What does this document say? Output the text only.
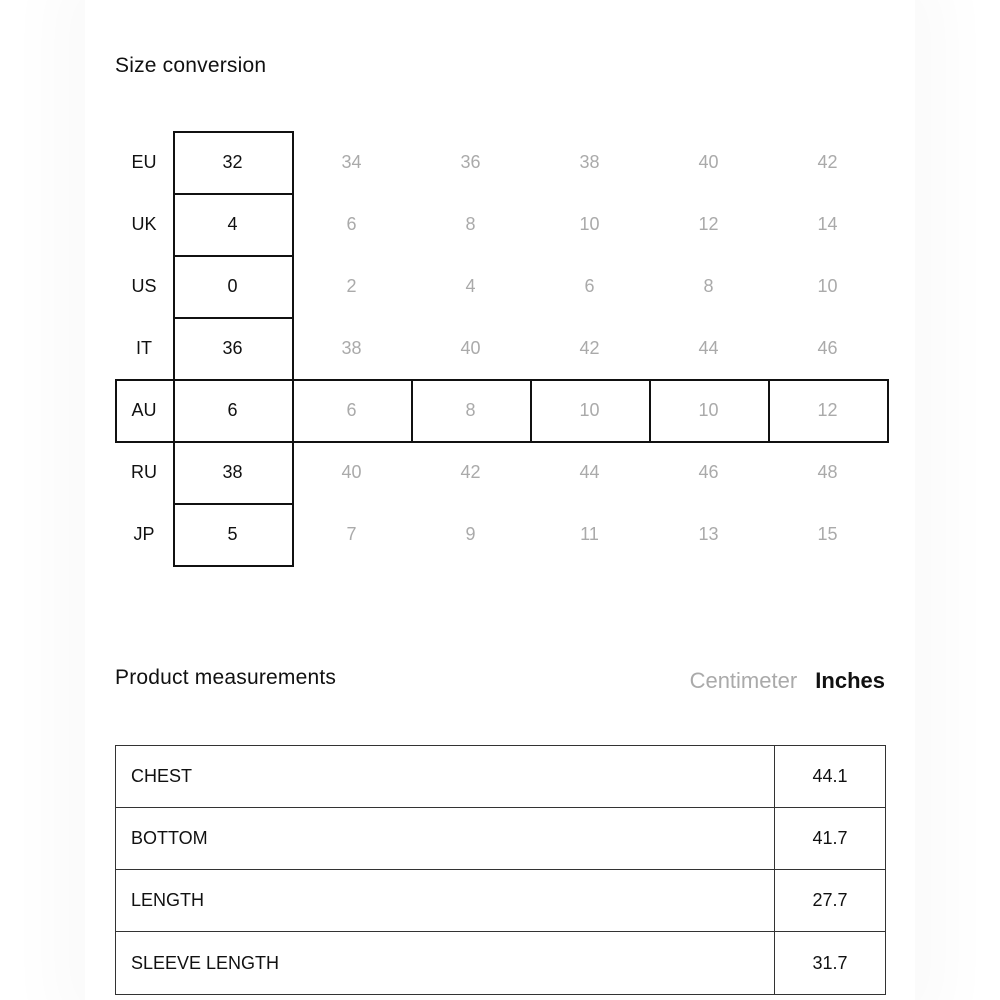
Size conversion
EU	32	34	36	38	40	42
UK	4	6	8	10	12	14
US	0	2	4	6	8	10
IT	36	38	40	42	44	46
AU	6	6	8	10	10	12
RU	38	40	42	44	46	48
JP	5	7	9	11	13	15
Product measurements	Centimeter Inches
CHEST	44.1
BOTTOM	41.7
LENGTH	27.7
SLEEVE LENGTH	31.7
